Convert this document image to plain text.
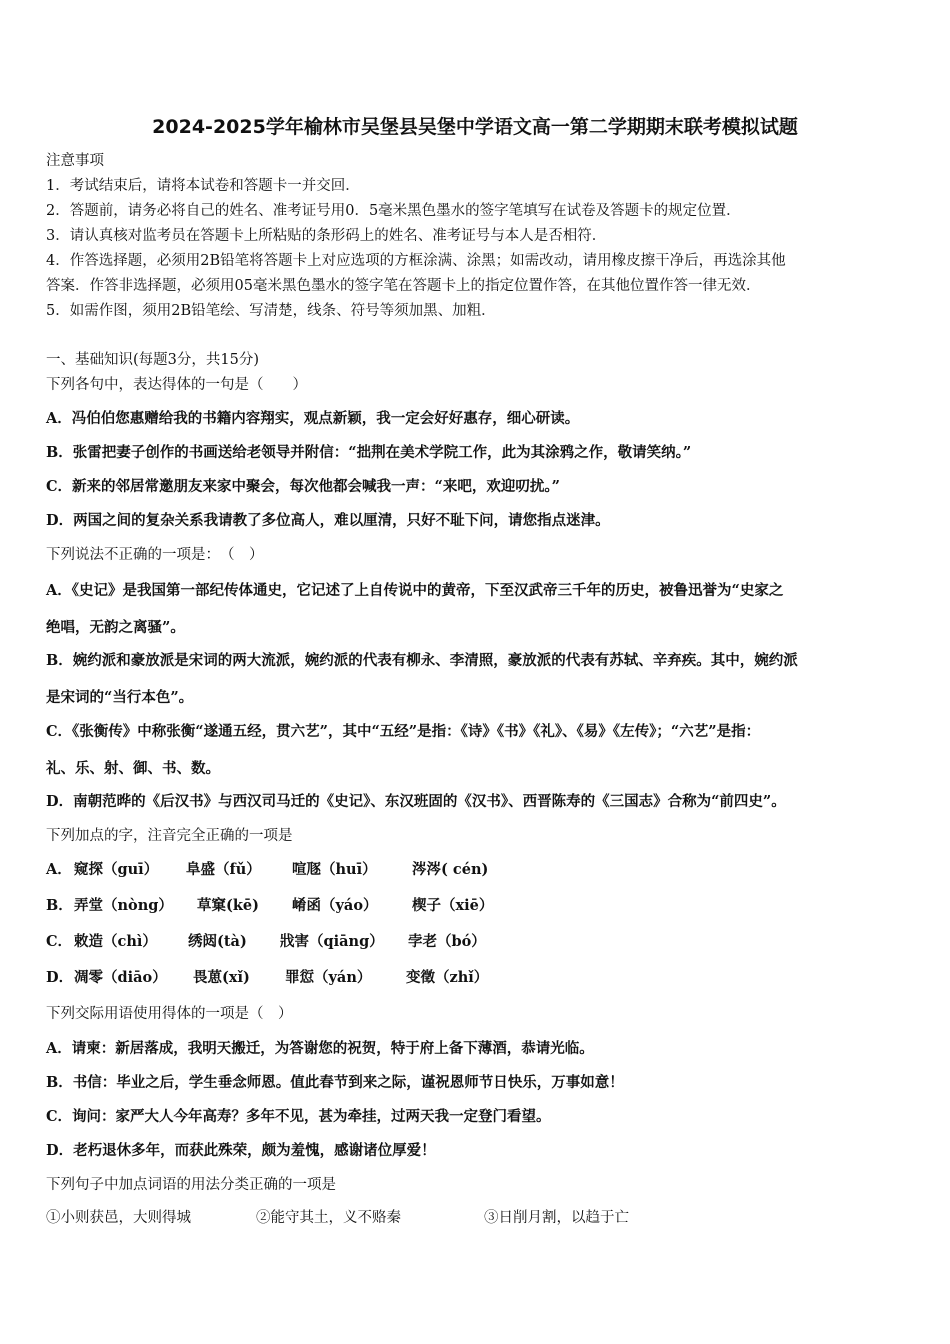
2024-2025学年榆林市吴堡县吴堡中学语文高一第二学期期末联考模拟试题
注意事项
1．考试结束后，请将本试卷和答题卡一并交回．
2．答题前，请务必将自己的姓名、准考证号用0．5毫米黑色墨水的签字笔填写在试卷及答题卡的规定位置．
3．请认真核对监考员在答题卡上所粘贴的条形码上的姓名、准考证号与本人是否相符．
4．作答选择题，必须用2B铅笔将答题卡上对应选项的方框涂满、涂黑；如需改动，请用橡皮擦干净后，再选涂其他
答案．作答非选择题，必须用05毫米黑色墨水的签字笔在答题卡上的指定位置作答，在其他位置作答一律无效．
5．如需作图，须用2B铅笔绘、写清楚，线条、符号等须加黑、加粗．
一、基础知识(每题3分，共15分)
下列各句中，表达得体的一句是（　　）
A．冯伯伯您惠赠给我的书籍内容翔实，观点新颖，我一定会好好惠存，细心研读。
B．张雷把妻子创作的书画送给老领导并附信：“拙荆在美术学院工作，此为其涂鸦之作，敬请笑纳。”
C．新来的邻居常邀朋友来家中聚会，每次他都会喊我一声：“来吧，欢迎叨扰。”
D．两国之间的复杂关系我请教了多位高人，难以厘清，只好不耻下问，请您指点迷津。
下列说法不正确的一项是：　（　）
A．《史记》是我国第一部纪传体通史，它记述了上自传说中的黄帝，下至汉武帝三千年的历史，被鲁迅誉为“史家之
绝唱，无韵之离骚”。
B．婉约派和豪放派是宋词的两大流派，婉约派的代表有柳永、李清照，豪放派的代表有苏轼、辛弃疾。其中，婉约派
是宋词的“当行本色”。
C．《张衡传》中称张衡“遂通五经，贯六艺”，其中“五经”是指：《诗》《书》《礼》、《易》《左传》；“六艺”是指：
礼、乐、射、御、书、数。
D．南朝范晔的《后汉书》与西汉司马迁的《史记》、东汉班固的《汉书》、西晋陈寿的《三国志》合称为“前四史”。
下列加点的字，注音完全正确的一项是
A． 窥探（guī） 阜盛（fǔ） 喧豗（huī） 涔涔( cén)
B． 弄堂（nòng） 草窠(kē) 崤函（yáo） 楔子（xiē）
C． 敕造（chì） 绣闼(tà) 戕害（qiāng） 孛老（bó）
D． 凋零（diāo） 畏葸(xǐ) 罪愆（yán） 变徵（zhǐ）
下列交际用语使用得体的一项是（　）
A．请柬：新居落成，我明天搬迁，为答谢您的祝贺，特于府上备下薄酒，恭请光临。
B．书信：毕业之后，学生垂念师恩。值此春节到来之际，谨祝恩师节日快乐，万事如意！
C．询问：家严大人今年高寿？多年不见，甚为牵挂，过两天我一定登门看望。
D．老朽退休多年，而获此殊荣，颇为羞愧，感谢诸位厚爱！
下列句子中加点词语的用法分类正确的一项是
①小则获邑，大则得城	②能守其土，义不赂秦	③日削月割，以趋于亡
